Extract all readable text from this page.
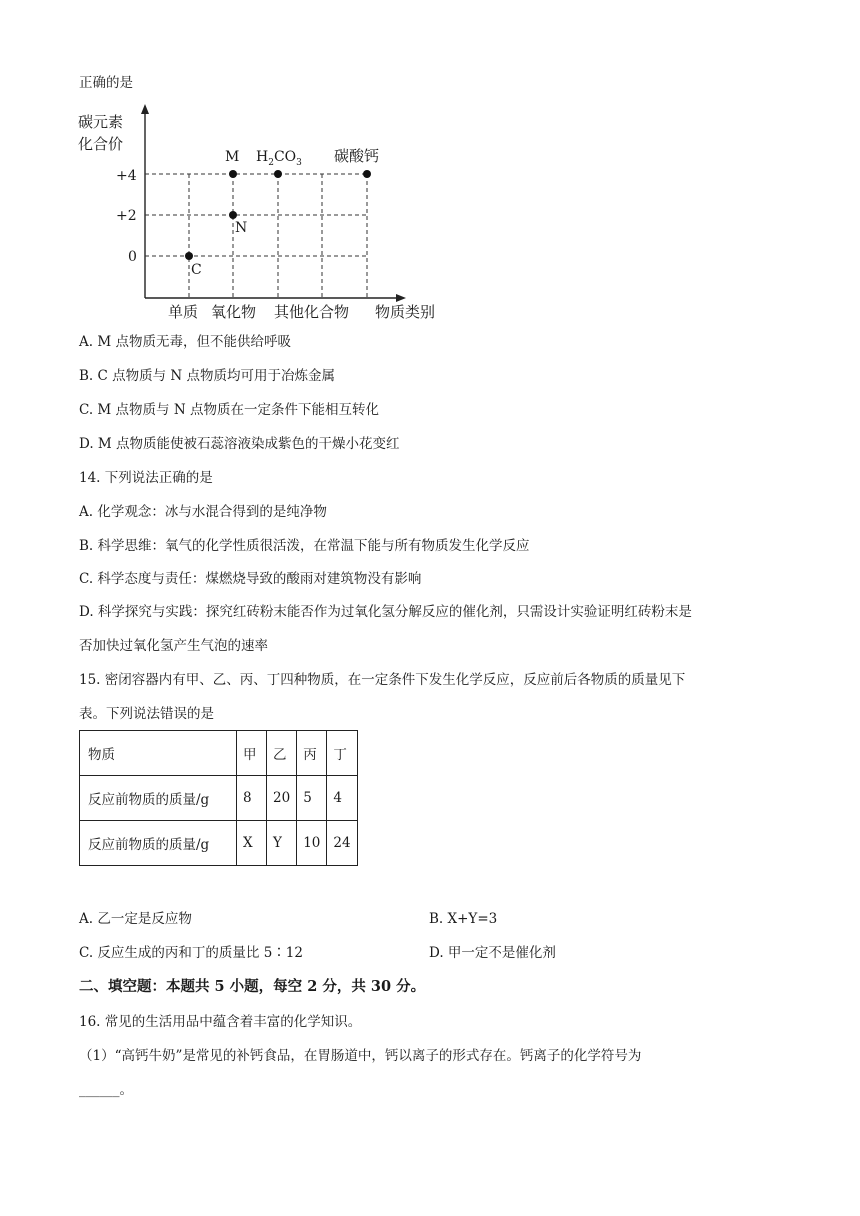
正确的是
碳元素
化合价
+4
+2
0
C
N
M $H_2CO_3$ 碳酸钙
单质 氧化物 其他化合物 物质类别
A. M 点物质无毒，但不能供给呼吸
B. C 点物质与 N 点物质均可用于冶炼金属
C. M 点物质与 N 点物质在一定条件下能相互转化
D. M 点物质能使被石蕊溶液染成紫色的干燥小花变红
14. 下列说法正确的是
A. 化学观念：冰与水混合得到的是纯净物
B. 科学思维：氧气的化学性质很活泼，在常温下能与所有物质发生化学反应
C. 科学态度与责任：煤燃烧导致的酸雨对建筑物没有影响
D. 科学探究与实践：探究红砖粉末能否作为过氧化氢分解反应的催化剂，只需设计实验证明红砖粉末是
否加快过氧化氢产生气泡的速率
15. 密闭容器内有甲、乙、丙、丁四种物质，在一定条件下发生化学反应，反应前后各物质的质量见下
表。下列说法错误的是
物质	甲	乙	丙	丁
反应前物质的质量/g	8	20	5	4
反应前物质的质量/g	X	Y	10	24
A. 乙一定是反应物	B. X+Y=3
C. 反应生成的丙和丁的质量比 5∶12	D. 甲一定不是催化剂
二、填空题：本题共 5 小题，每空 2 分，共 30 分。
16. 常见的生活用品中蕴含着丰富的化学知识。
（1）“高钙牛奶”是常见的补钙食品，在胃肠道中，钙以离子的形式存在。钙离子的化学符号为
______。
